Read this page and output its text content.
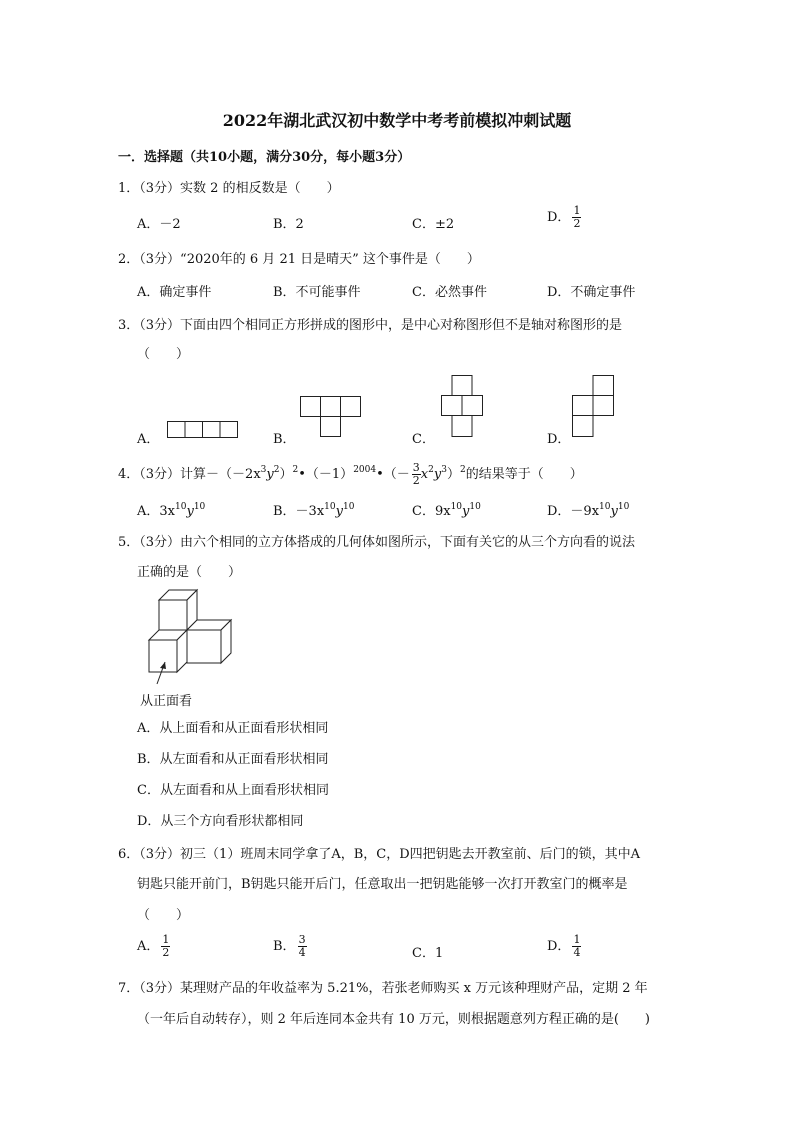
2022年湖北武汉初中数学中考考前模拟冲刺试题
一．选择题（共10小题，满分30分，每小题3分）
1．（3分）实数 2 的相反数是（　　）
A．－2	B．2	C．±2	D． $\frac{1}{2}$
2．（3分）“2020年的 6 月 21 日是晴天” 这个事件是（　　）
A．确定事件	B．不可能事件	C．必然事件	D．不确定事件
3．（3分）下面由四个相同正方形拼成的图形中，是中心对称图形但不是轴对称图形的是
（　　）
A．	B．	C．	D．
4．（3分）计算$-(-2x^3y^2)^2•(-1)^{2004}•(- \frac{3}{2} x^2y^3)^2$的结果等于（　　）
A．$3x^{10}y^{10}$	B．$-3x^{10}y^{10}$	C．$9x^{10}y^{10}$	D．$-9x^{10}y^{10}$
5．（3分）由六个相同的立方体搭成的几何体如图所示，下面有关它的从三个方向看的说法
正确的是（　　）
从正面看
A．从上面看和从正面看形状相同
B．从左面看和从正面看形状相同
C．从左面看和从上面看形状相同
D．从三个方向看形状都相同
6．（3分）初三（1）班周末同学拿了A，B，C，D四把钥匙去开教室前、后门的锁，其中A
钥匙只能开前门，B钥匙只能开后门，任意取出一把钥匙能够一次打开教室门的概率是
（　　）
A． $\frac{1}{2}$	B． $\frac{3}{4}$	C．1	D． $\frac{1}{4}$
7．（3分）某理财产品的年收益率为 5.21%，若张老师购买 x 万元该种理财产品，定期 2 年
（一年后自动转存），则 2 年后连同本金共有 10 万元，则根据题意列方程正确的是(　　)
